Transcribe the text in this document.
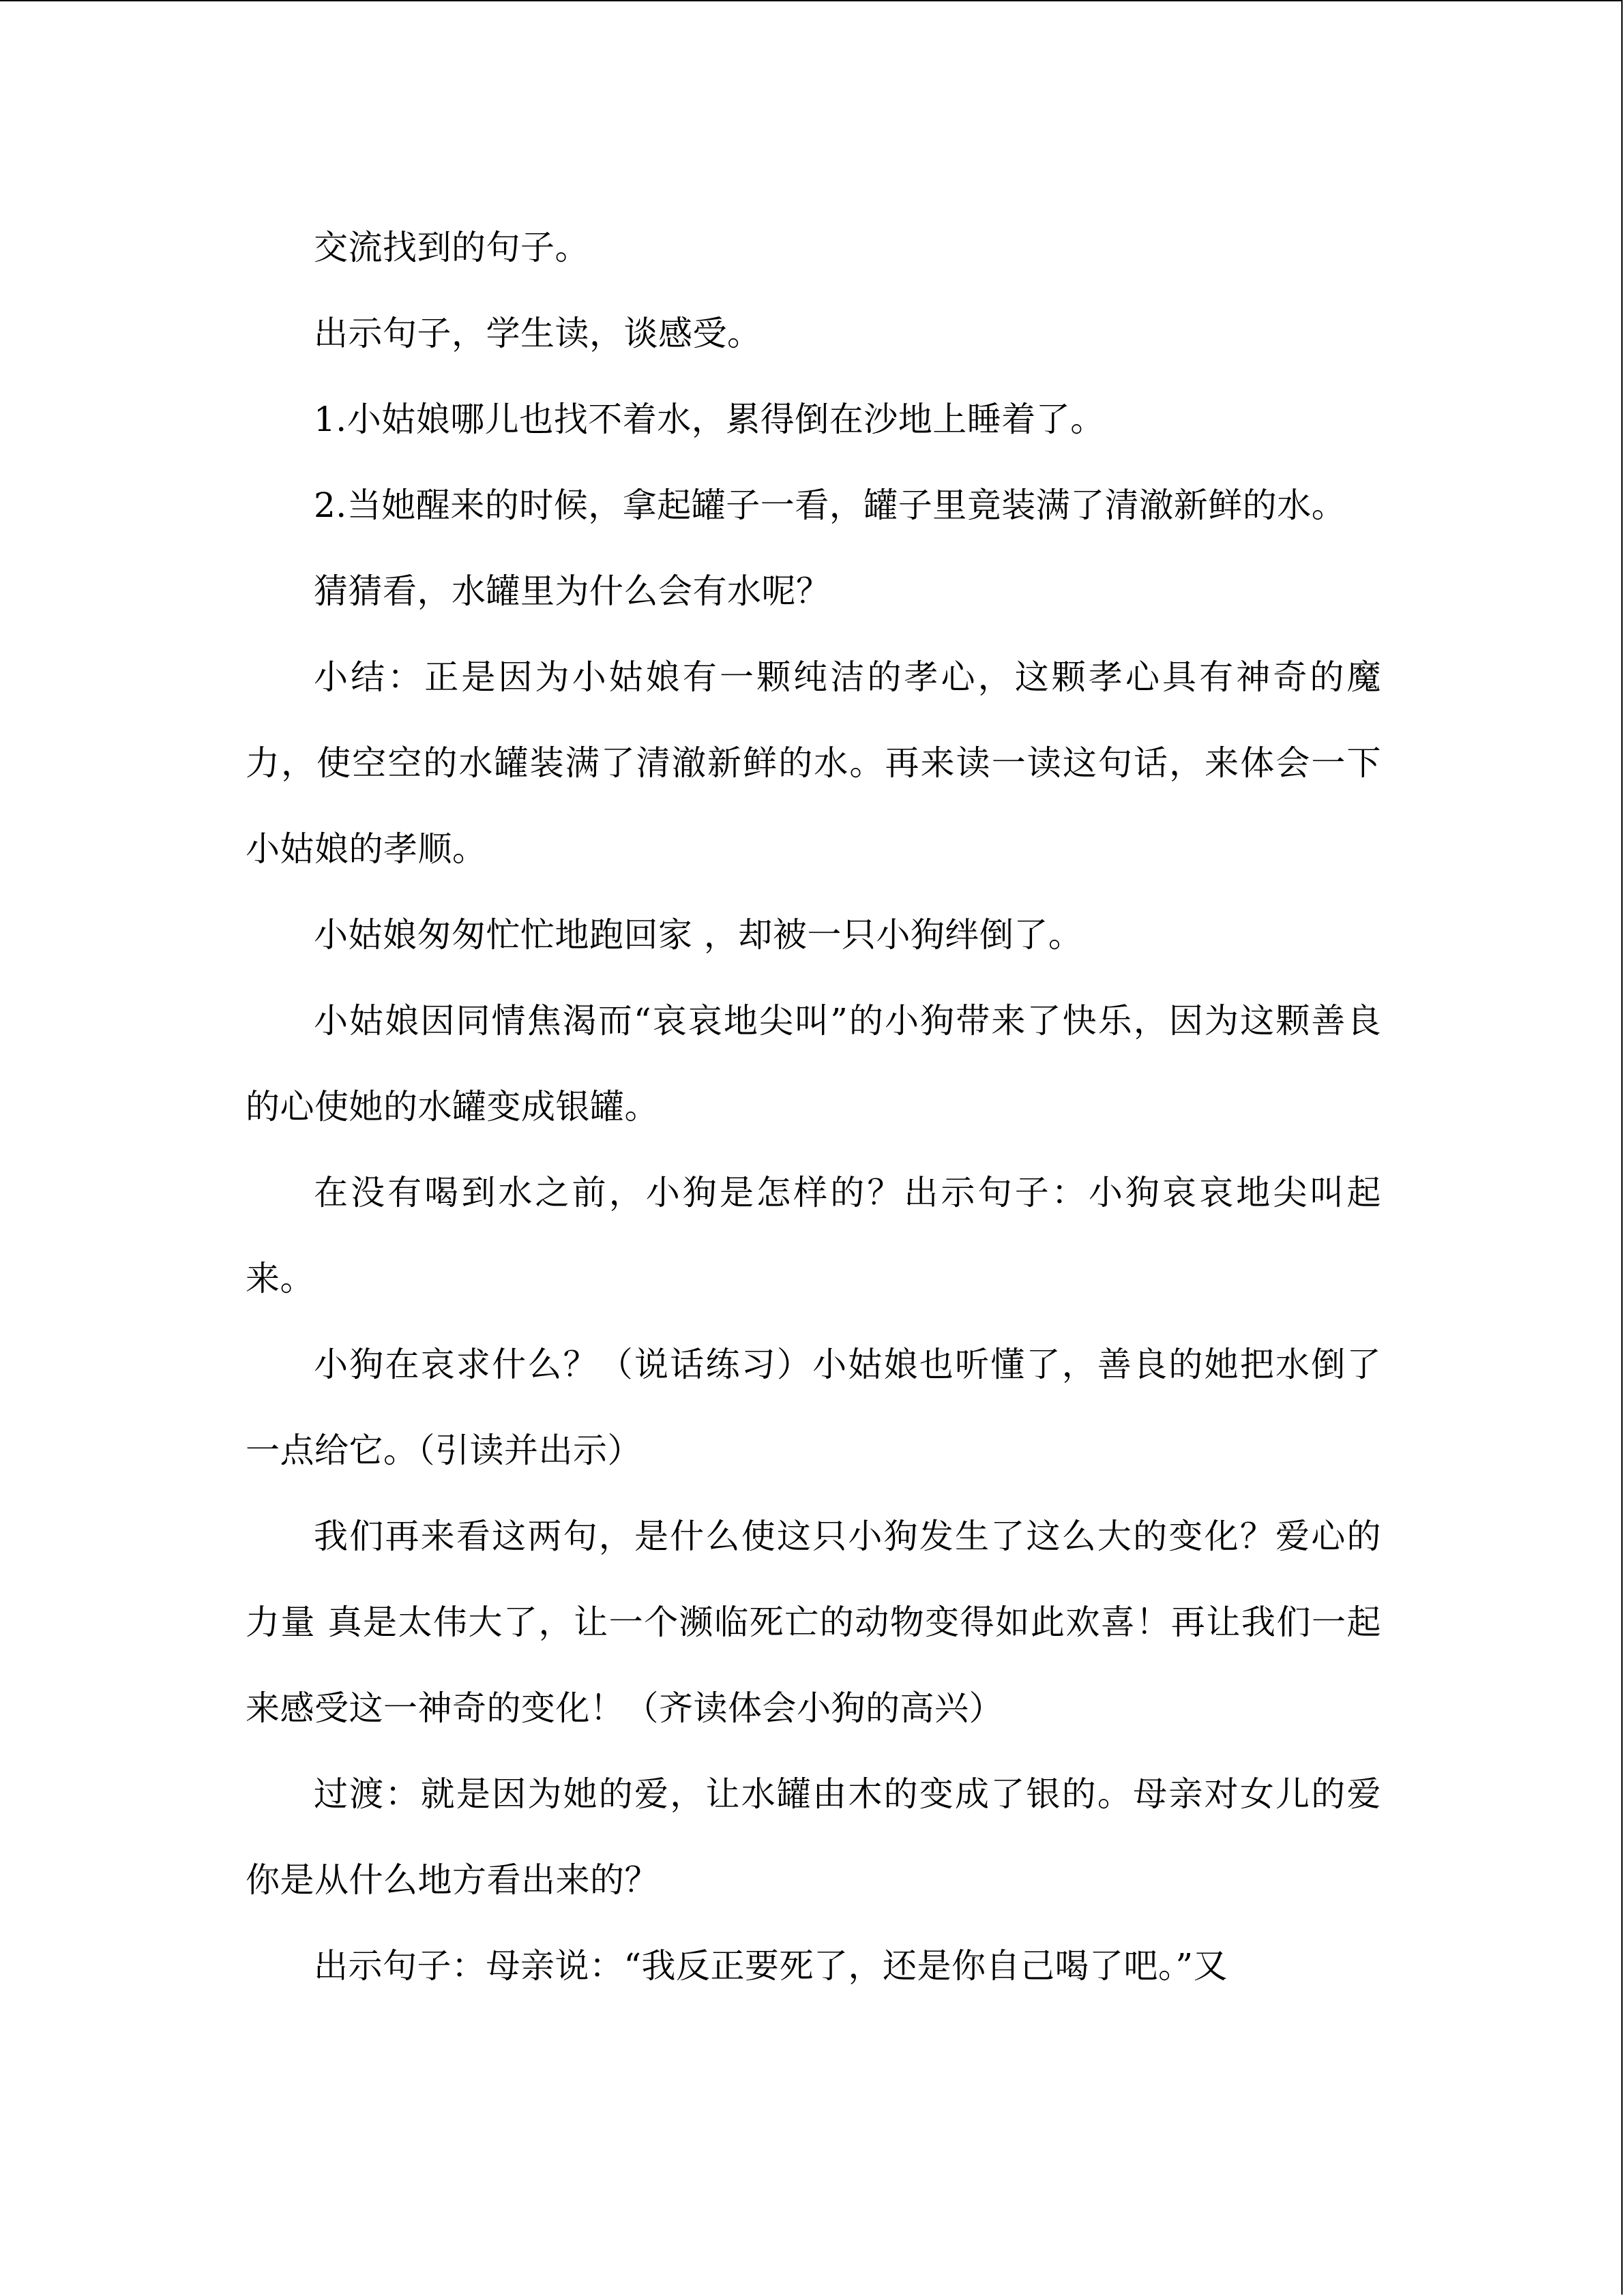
交流找到的句子。

出示句子，学生读，谈感受。

1.小姑娘哪儿也找不着水，累得倒在沙地上睡着了。

2.当她醒来的时候，拿起罐子一看，罐子里竟装满了清澈新鲜的水。

猜猜看，水罐里为什么会有水呢？

小结：正是因为小姑娘有一颗纯洁的孝心，这颗孝心具有神奇的魔力，使空空的水罐装满了清澈新鲜的水。再来读一读这句话，来体会一下小姑娘的孝顺。

小姑娘匆匆忙忙地跑回家 ，却被一只小狗绊倒了。

小姑娘因同情焦渴而“哀哀地尖叫”的小狗带来了快乐，因为这颗善良的心使她的水罐变成银罐。

在没有喝到水之前，小狗是怎样的？出示句子：小狗哀哀地尖叫起来。

小狗在哀求什么？（说话练习）小姑娘也听懂了，善良的她把水倒了一点给它。（引读并出示）

我们再来看这两句，是什么使这只小狗发生了这么大的变化？爱心的力量 真是太伟大了，让一个濒临死亡的动物变得如此欢喜！再让我们一起来感受这一神奇的变化！（齐读体会小狗的高兴）

过渡：就是因为她的爱，让水罐由木的变成了银的。母亲对女儿的爱你是从什么地方看出来的？

出示句子：母亲说：“我反正要死了，还是你自己喝了吧。”又
